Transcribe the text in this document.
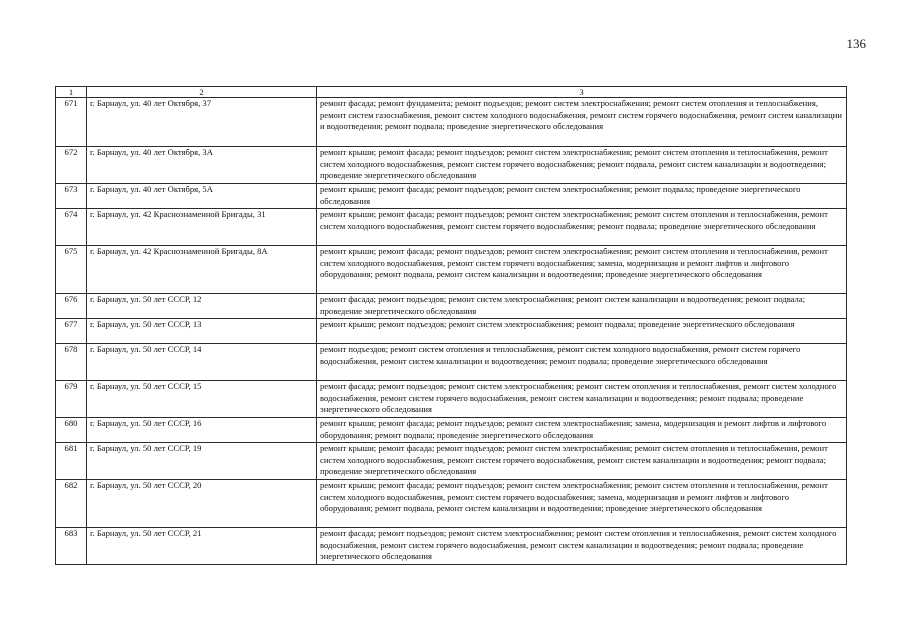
136
1	2	3
671	г. Барнаул, ул. 40 лет Октября, 37	ремонт фасада; ремонт фундамента; ремонт подъездов; ремонт систем электроснабжения; ремонт систем отопления и теплоснабжения, ремонт систем газоснабжения, ремонт систем холодного водоснабжения, ремонт систем горячего водоснабжения, ремонт систем канализации и водоотведения; ремонт подвала; проведение энергетического обследования
672	г. Барнаул, ул. 40 лет Октября, 3А	ремонт крыши; ремонт фасада; ремонт подъездов; ремонт систем электроснабжения; ремонт систем отопления и теплоснабжения, ремонт систем холодного водоснабжения, ремонт систем горячего водоснабжения; ремонт подвала, ремонт систем канализации и водоотведения; проведение энергетического обследования
673	г. Барнаул, ул. 40 лет Октября, 5А	ремонт крыши; ремонт фасада; ремонт подъездов; ремонт систем электроснабжения; ремонт подвала; проведение энергетического обследования
674	г. Барнаул, ул. 42 Краснознаменной Бригады, 31	ремонт крыши; ремонт фасада; ремонт подъездов; ремонт систем электроснабжения; ремонт систем отопления и теплоснабжения, ремонт систем холодного водоснабжения, ремонт систем горячего водоснабжения; ремонт подвала; проведение энергетического обследования
675	г. Барнаул, ул. 42 Краснознаменной Бригады, 8А	ремонт крыши; ремонт фасада; ремонт подъездов; ремонт систем электроснабжения; ремонт систем отопления и теплоснабжения, ремонт систем холодного водоснабжения, ремонт систем горячего водоснабжения; замена, модернизация и ремонт лифтов и лифтового оборудования; ремонт подвала, ремонт систем канализации и водоотведения; проведение энергетического обследования
676	г. Барнаул, ул. 50 лет СССР, 12	ремонт фасада; ремонт подъездов; ремонт систем электроснабжения; ремонт систем канализации и водоотведения; ремонт подвала; проведение энергетического обследования
677	г. Барнаул, ул. 50 лет СССР, 13	ремонт крыши; ремонт подъездов; ремонт систем электроснабжения; ремонт подвала; проведение энергетического обследования
678	г. Барнаул, ул. 50 лет СССР, 14	ремонт подъездов; ремонт систем отопления и теплоснабжения, ремонт систем холодного водоснабжения, ремонт систем горячего водоснабжения, ремонт систем канализации и водоотведения; ремонт подвала; проведение энергетического обследования
679	г. Барнаул, ул. 50 лет СССР, 15	ремонт фасада; ремонт подъездов; ремонт систем электроснабжения; ремонт систем отопления и теплоснабжения, ремонт систем холодного водоснабжения, ремонт систем горячего водоснабжения, ремонт систем канализации и водоотведения; ремонт подвала; проведение энергетического обследования
680	г. Барнаул, ул. 50 лет СССР, 16	ремонт крыши; ремонт фасада; ремонт подъездов; ремонт систем электроснабжения; замена, модернизация и ремонт лифтов и лифтового оборудования; ремонт подвала; проведение энергетического обследования
681	г. Барнаул, ул. 50 лет СССР, 19	ремонт крыши; ремонт фасада; ремонт подъездов; ремонт систем электроснабжения; ремонт систем отопления и теплоснабжения, ремонт систем холодного водоснабжения, ремонт систем горячего водоснабжения, ремонт систем канализации и водоотведения; ремонт подвала; проведение энергетического обследования
682	г. Барнаул, ул. 50 лет СССР, 20	ремонт крыши; ремонт фасада; ремонт подъездов; ремонт систем электроснабжения; ремонт систем отопления и теплоснабжения, ремонт систем холодного водоснабжения, ремонт систем горячего водоснабжения; замена, модернизация и ремонт лифтов и лифтового оборудования; ремонт подвала, ремонт систем канализации и водоотведения; проведение энергетического обследования
683	г. Барнаул, ул. 50 лет СССР, 21	ремонт фасада; ремонт подъездов; ремонт систем электроснабжения; ремонт систем отопления и теплоснабжения, ремонт систем холодного водоснабжения, ремонт систем горячего водоснабжения, ремонт систем канализации и водоотведения; ремонт подвала; проведение энергетического обследования
